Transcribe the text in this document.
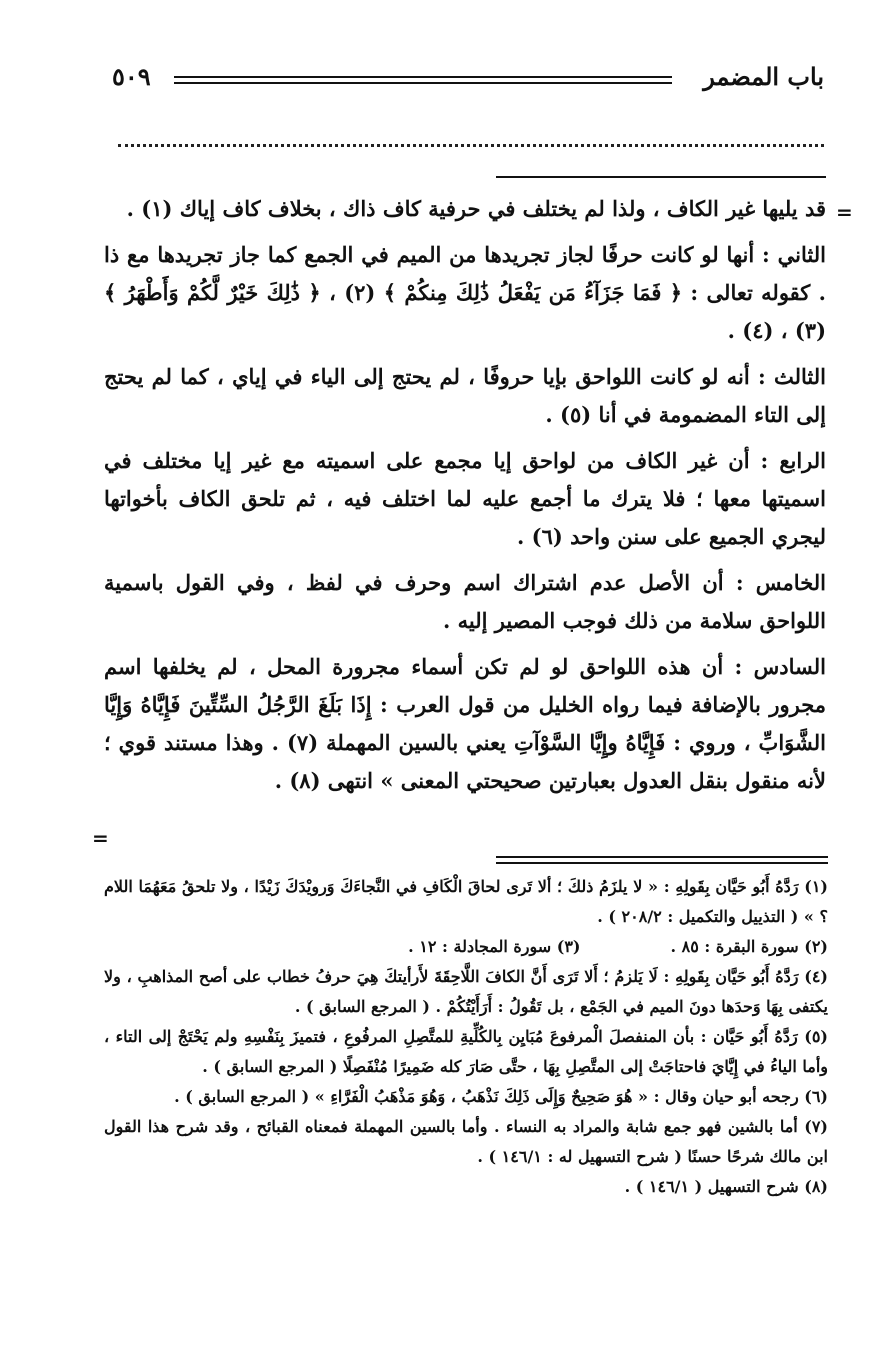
باب المضمر
٥٠٩
=

قد يليها غير الكاف ، ولذا لم يختلف في حرفية كاف ذاك ، بخلاف كاف إياك (١) .

الثاني : أنها لو كانت حرفًا لجاز تجريدها من الميم في الجمع كما جاز تجريدها مع ذا . كقوله تعالى : ﴿ فَمَا جَزَآءُ مَن يَفْعَلُ ذَٰلِكَ مِنكُمْ ﴾ (٢) ، ﴿ ذَٰلِكَ خَيْرٌ لَّكُمْ وَأَطْهَرُ ﴾ (٣) ، (٤) .

الثالث : أنه لو كانت اللواحق بإيا حروفًا ، لم يحتج إلى الياء في إياي ، كما لم يحتج إلى التاء المضمومة في أنا (٥) .

الرابع : أن غير الكاف من لواحق إيا مجمع على اسميته مع غير إيا مختلف في اسميتها معها ؛ فلا يترك ما أجمع عليه لما اختلف فيه ، ثم تلحق الكاف بأخواتها ليجري الجميع على سنن واحد (٦) .

الخامس : أن الأصل عدم اشتراك اسم وحرف في لفظ ، وفي القول باسمية اللواحق سلامة من ذلك فوجب المصير إليه .

السادس : أن هذه اللواحق لو لم تكن أسماء مجرورة المحل ، لم يخلفها اسم مجرور بالإضافة فيما رواه الخليل من قول العرب : إِذَا بَلَغَ الرَّجُلُ السِّتِّينَ فَإِيَّاهُ وَإِيَّا الشَّوَابِّ ، وروي : فَإِيَّاهُ وإِيَّا السَّوْآتِ يعني بالسين المهملة (٧) . وهذا مستند قوي ؛ لأنه منقول بنقل العدول بعبارتين صحيحتي المعنى » انتهى (٨) .

=

(١) رَدَّهُ أَبُو حَيَّان بِقَولِهِ : « لا يلزَمُ ذلكَ ؛ ألا تَرى لحاقَ الْكَافِ في النَّجاءَكَ وَرويْدَكَ زَيْدًا ، ولا تلحقُ مَعَهُمَا اللام ؟ » ( التذييل والتكميل : ٢٠٨/٢ ) .

(٢) سورة البقرة : ٨٥ .
(٣) سورة المجادلة : ١٢ .

(٤) رَدَّهُ أَبُو حَيَّان بِقَولِهِ : لَا يَلزمُ ؛ أَلا تَرَى أَنَّ الكافَ اللَّاحِقَةَ لأَرأيتكَ هِيَ حرفُ خطاب على أصح المذاهبِ ، ولا يكتفى بِهَا وَحدَها دونَ الميم في الجَمْع ، بل تَقُولُ : أَرَأَيْتُكُمْ . ( المرجع السابق ) .

(٥) رَدَّهُ أَبُو حَيَّان : بأن المنفصلَ الْمرفوعَ مُبَايِن بِالكُلِّيةِ للمتَّصِلِ المرفُوعِ ، فتميزَ بِنَفْسِهِ ولم يَحْتَجْ إلى التاء ، وأما الياءُ في إِيَّايَ فاحتاجَتْ إلى المتَّصِلِ بِهَا ، حتَّى صَارَ كله ضَمِيرًا مُنْفَصِلًا ( المرجع السابق ) .

(٦) رجحه أبو حيان وقال : « هُوَ صَحِيحٌ وَإِلَى ذَلِكَ نَذْهَبُ ، وَهُوَ مَذْهَبُ الْفَرَّاءِ » ( المرجع السابق ) .

(٧) أما بالشين فهو جمع شابة والمراد به النساء . وأما بالسين المهملة فمعناه القبائح ، وقد شرح هذا القول ابن مالك شرحًا حسنًا ( شرح التسهيل له : ١٤٦/١ ) .

(٨) شرح التسهيل ( ١٤٦/١ ) .
